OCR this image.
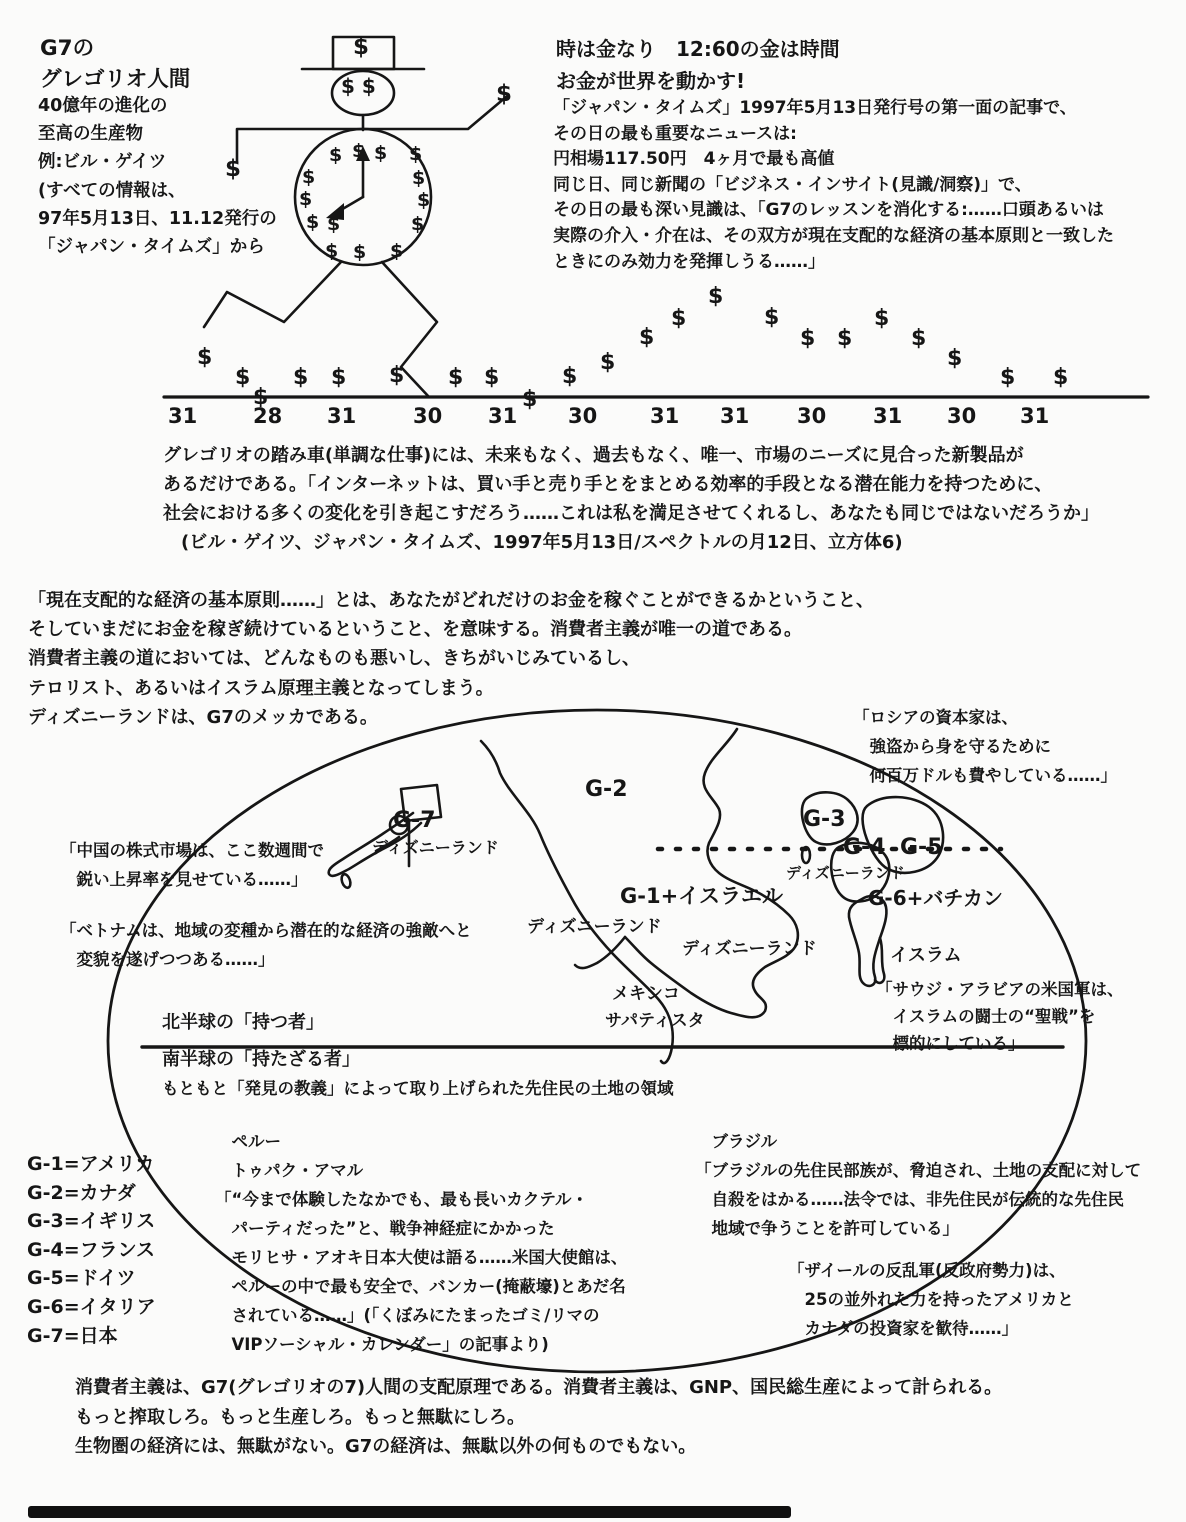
G7の
グレゴリオ人間
40億年の進化の
至高の生産物
例:ビル・ゲイツ
(すべての情報は、
97年5月13日、11.12発行の
「ジャパン・タイムズ」から
時は金なり　12:60の金は時間
お金が世界を動かす!
「ジャパン・タイムズ」1997年5月13日発行号の第一面の記事で、
その日の最も重要なニュースは:
円相場117.50円　4ヶ月で最も高値
同じ日、同じ新聞の「ビジネス・インサイト(見識/洞察)」で、
その日の最も深い見識は、「G7のレッスンを消化する:……口頭あるいは
実際の介入・介在は、その双方が現在支配的な経済の基本原則と一致した
ときにのみ効力を発揮しうる……」
グレゴリオの踏み車(単調な仕事)には、未来もなく、過去もなく、唯一、市場のニーズに見合った新製品が
あるだけである。「インターネットは、買い手と売り手とをまとめる効率的手段となる潜在能力を持つために、
社会における多くの変化を引き起こすだろう……これは私を満足させてくれるし、あなたも同じではないだろうか」
　(ビル・ゲイツ、ジャパン・タイムズ、1997年5月13日/スペクトルの月12日、立方体6)
「現在支配的な経済の基本原則……」とは、あなたがどれだけのお金を稼ぐことができるかということ、
そしていまだにお金を稼ぎ続けているということ、を意味する。消費者主義が唯一の道である。
消費者主義の道においては、どんなものも悪いし、きちがいじみているし、
テロリスト、あるいはイスラム原理主義となってしまう。
ディズニーランドは、G7のメッカである。	「ロシアの資本家は、
　強盗から身を守るために
　何百万ドルも費やしている……」
「中国の株式市場は、ここ数週間で
　鋭い上昇率を見せている……」
「ベトナムは、地域の変種から潜在的な経済の強敵へと
　変貌を遂げつつある……」
「サウジ・アラビアの米国軍は、
　イスラムの闘士の“聖戦”を
　標的にしている」
もともと「発見の教義」によって取り上げられた先住民の土地の領域
　ペルー
　トゥパク・アマル
「“今まで体験したなかでも、最も長いカクテル・
　パーティだった”と、戦争神経症にかかった
　モリヒサ・アオキ日本大使は語る……米国大使館は、
　ペルーの中で最も安全で、バンカー(掩蔽壕)とあだ名
　されている……」(「くぼみにたまったゴミ/リマの
　VIPソーシャル・カレンダー」の記事より)
　ブラジル
「ブラジルの先住民部族が、脅迫され、土地の支配に対して
　自殺をはかる……法令では、非先住民が伝統的な先住民
　地域で争うことを許可している」
「ザイールの反乱軍(反政府勢力)は、
　25の並外れた力を持ったアメリカと
　カナダの投資家を歓待……」
G-1=アメリカ
G-2=カナダ
G-3=イギリス
G-4=フランス
G-5=ドイツ
G-6=イタリア
G-7=日本
消費者主義は、G7(グレゴリオの7)人間の支配原理である。消費者主義は、GNP、国民総生産によって計られる。
もっと搾取しろ。もっと生産しろ。もっと無駄にしろ。
生物圏の経済には、無駄がない。G7の経済は、無駄以外の何ものでもない。
G-7
ディズニーランド
G-2
G-3
G-4 G-5
ディズニーランド
G-1+イスラエル	G-6+バチカン
ディズニーランド
ディズニーランド	イスラム
メキシコ
サパティスタ
北半球の「持つ者」
南半球の「持たざる者」
31	28 31	30 31 30	31 31 30 31 30 31
$
$
$
$ $ $ $ $
$
$
$
$
$
$
$
$ $
$
$
$
$ $
$
$ $
$
$
$ $ $ $
$	$
$	$
$ $	$
$ $ $
